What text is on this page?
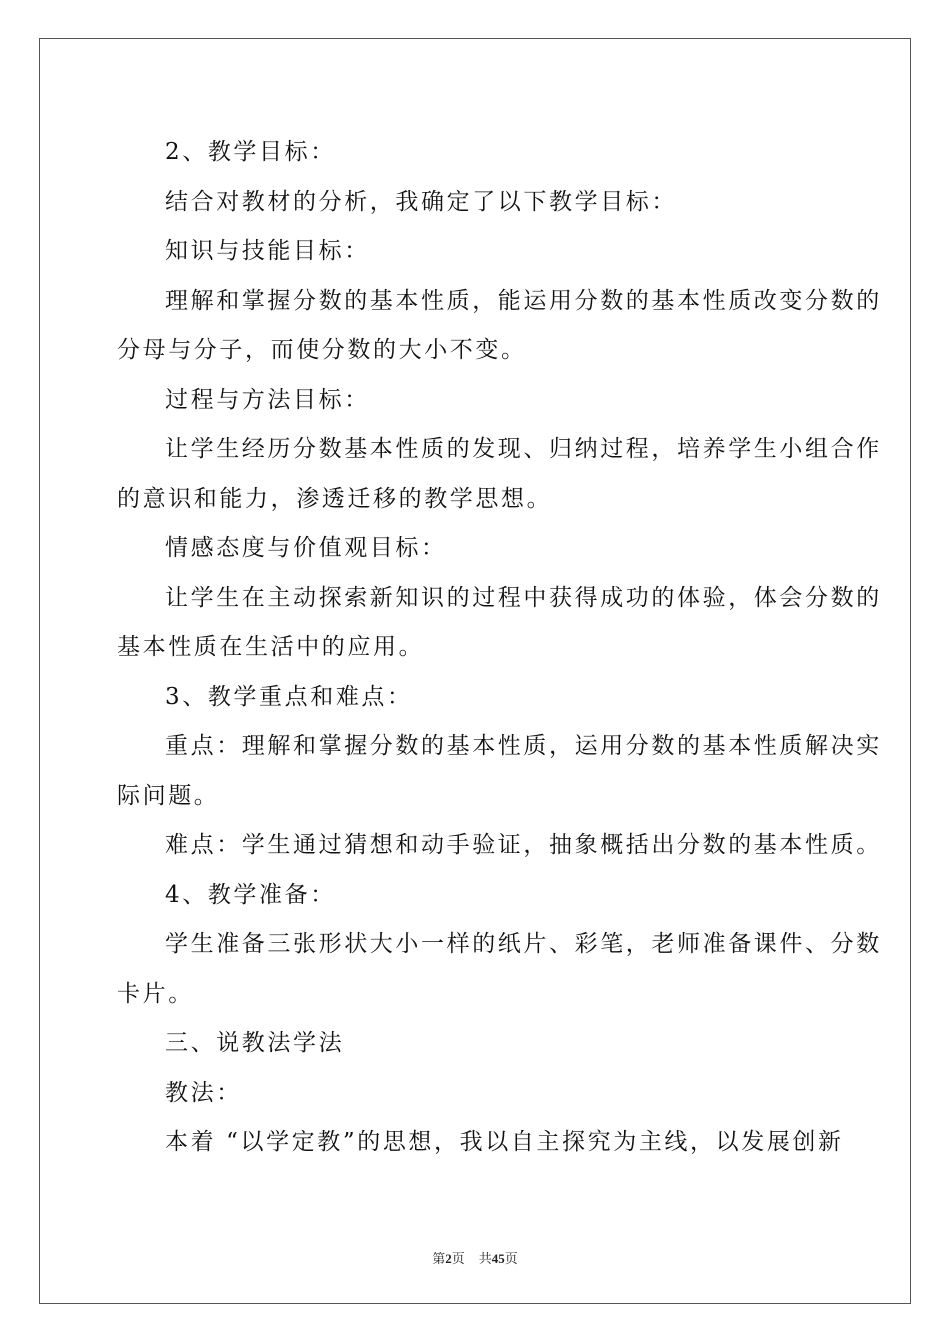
2、教学目标：

结合对教材的分析，我确定了以下教学目标：

知识与技能目标：

理解和掌握分数的基本性质，能运用分数的基本性质改变分数的

分母与分子，而使分数的大小不变。

过程与方法目标：

让学生经历分数基本性质的发现、归纳过程，培养学生小组合作

的意识和能力，渗透迁移的教学思想。

情感态度与价值观目标：

让学生在主动探索新知识的过程中获得成功的体验，体会分数的

基本性质在生活中的应用。

3、教学重点和难点：

重点：理解和掌握分数的基本性质，运用分数的基本性质解决实

际问题。

难点：学生通过猜想和动手验证，抽象概括出分数的基本性质。

4、教学准备：

学生准备三张形状大小一样的纸片、彩笔，老师准备课件、分数

卡片。

三、说教法学法

教法：

本着 “以学定教”的思想，我以自主探究为主线，以发展创新

第2页 共45页
